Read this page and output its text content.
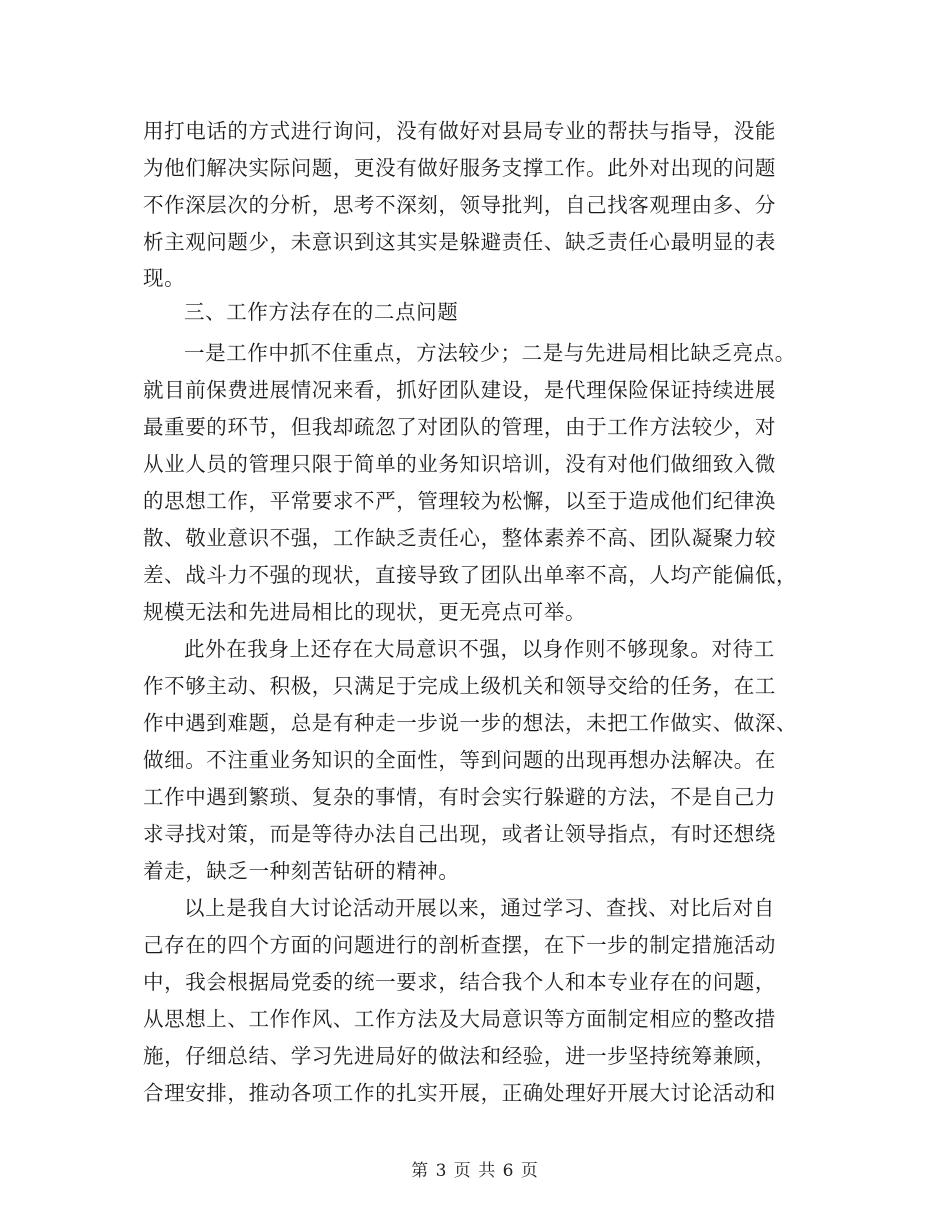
用打电话的方式进行询问，没有做好对县局专业的帮扶与指导，没能
为他们解决实际问题，更没有做好服务支撑工作。此外对出现的问题
不作深层次的分析，思考不深刻，领导批判，自己找客观理由多、分
析主观问题少，未意识到这其实是躲避责任、缺乏责任心最明显的表
现。
三、工作方法存在的二点问题
一是工作中抓不住重点，方法较少；二是与先进局相比缺乏亮点。
就目前保费进展情况来看，抓好团队建设，是代理保险保证持续进展
最重要的环节，但我却疏忽了对团队的管理，由于工作方法较少，对
从业人员的管理只限于简单的业务知识培训，没有对他们做细致入微
的思想工作，平常要求不严，管理较为松懈，以至于造成他们纪律涣
散、敬业意识不强，工作缺乏责任心，整体素养不高、团队凝聚力较
差、战斗力不强的现状，直接导致了团队出单率不高，人均产能偏低，
规模无法和先进局相比的现状，更无亮点可举。
此外在我身上还存在大局意识不强，以身作则不够现象。对待工
作不够主动、积极，只满足于完成上级机关和领导交给的任务，在工
作中遇到难题，总是有种走一步说一步的想法，未把工作做实、做深、
做细。不注重业务知识的全面性，等到问题的出现再想办法解决。在
工作中遇到繁琐、复杂的事情，有时会实行躲避的方法，不是自己力
求寻找对策，而是等待办法自己出现，或者让领导指点，有时还想绕
着走，缺乏一种刻苦钻研的精神。
以上是我自大讨论活动开展以来，通过学习、查找、对比后对自
己存在的四个方面的问题进行的剖析查摆，在下一步的制定措施活动
中，我会根据局党委的统一要求，结合我个人和本专业存在的问题，
从思想上、工作作风、工作方法及大局意识等方面制定相应的整改措
施，仔细总结、学习先进局好的做法和经验，进一步坚持统筹兼顾，
合理安排，推动各项工作的扎实开展，正确处理好开展大讨论活动和
第 3 页 共 6 页
